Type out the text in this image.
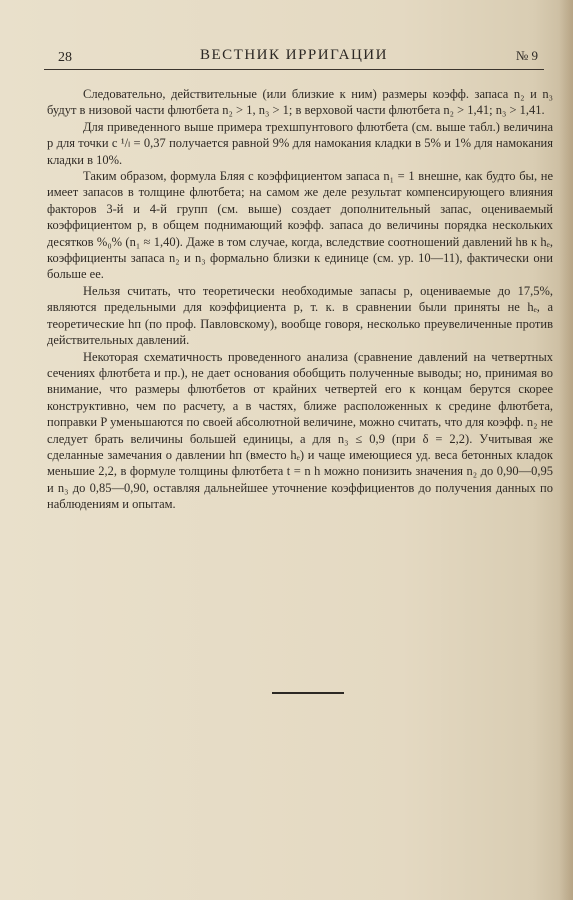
28	ВЕСТНИК ИРРИГАЦИИ	№ 9

Следовательно, действительные (или близкие к ним) размеры коэфф. запаса n₂ и n₃ будут в низовой части флютбета n₂ > 1, n₃ > 1; в верховой части флютбета n₂ > 1,41; n₃ > 1,41.

Для приведенного выше примера трехшпунтового флютбета (см. выше табл.) величина p для точки с ¹/ₗ = 0,37 получается равной 9% для намокания кладки в 5% и 1% для намокания кладки в 10%.

Таким образом, формула Бляя с коэффициентом запаса n₁ = 1 внешне, как будто бы, не имеет запасов в толщине флютбета; на самом же деле результат компенсирующего влияния факторов 3-й и 4-й групп (см. выше) создает дополнительный запас, оцениваемый коэффициентом p, в общем поднимающий коэфф. запаса до величины порядка нескольких десятков %₀% (n₁ ≈ 1,40). Даже в том случае, когда, вследствие соотношений давлений hв к hₑ, коэффициенты запаса n₂ и n₃ формально близки к единице (см. ур. 10—11), фактически они больше ее.

Нельзя считать, что теоретически необходимые запасы p, оцениваемые до 17,5%, являются предельными для коэффициента p, т. к. в сравнении были приняты не hₑ, а теоретические hп (по проф. Павловскому), вообще говоря, несколько преувеличенные против действительных давлений.

Некоторая схематичность проведенного анализа (сравнение давлений на четвертных сечениях флютбета и пр.), не дает основания обобщить полученные выводы; но, принимая во внимание, что размеры флютбетов от крайних четвертей его к концам берутся скорее конструктивно, чем по расчету, а в частях, ближе расположенных к средине флютбета, поправки P уменьшаются по своей абсолютной величине, можно считать, что для коэфф. n₂ не следует брать величины большей единицы, а для n₃ ≤ 0,9 (при δ = 2,2). Учитывая же сделанные замечания о давлении hп (вместо hₑ) и чаще имеющиеся уд. веса бетонных кладок меньшие 2,2, в формуле толщины флютбета t = n h можно понизить значения n₂ до 0,90—0,95 и n₃ до 0,85—0,90, оставляя дальнейшее уточнение коэффициентов до получения данных по наблюдениям и опытам.
